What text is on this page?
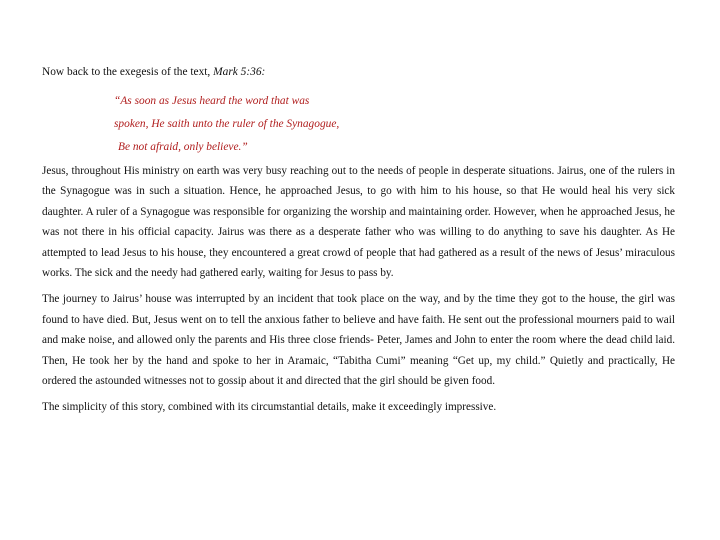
Now back to the exegesis of the text, Mark 5:36:

“As soon as Jesus heard the word that was
spoken, He saith unto the ruler of the Synagogue,
Be not afraid, only believe.”

Jesus, throughout His ministry on earth was very busy reaching out to the needs of people in desperate situations. Jairus, one of the rulers in the Synagogue was in such a situation. Hence, he approached Jesus, to go with him to his house, so that He would heal his very sick daughter. A ruler of a Synagogue was responsible for organizing the worship and maintaining order. However, when he approached Jesus, he was not there in his official capacity. Jairus was there as a desperate father who was willing to do anything to save his daughter. As He attempted to lead Jesus to his house, they encountered a great crowd of people that had gathered as a result of the news of Jesus’ miraculous works. The sick and the needy had gathered early, waiting for Jesus to pass by.

The journey to Jairus’ house was interrupted by an incident that took place on the way, and by the time they got to the house, the girl was found to have died. But, Jesus went on to tell the anxious father to believe and have faith. He sent out the professional mourners paid to wail and make noise, and allowed only the parents and His three close friends- Peter, James and John to enter the room where the dead child laid. Then, He took her by the hand and spoke to her in Aramaic, “Tabitha Cumi” meaning “Get up, my child.” Quietly and practically, He ordered the astounded witnesses not to gossip about it and directed that the girl should be given food.

The simplicity of this story, combined with its circumstantial details, make it exceedingly impressive.
